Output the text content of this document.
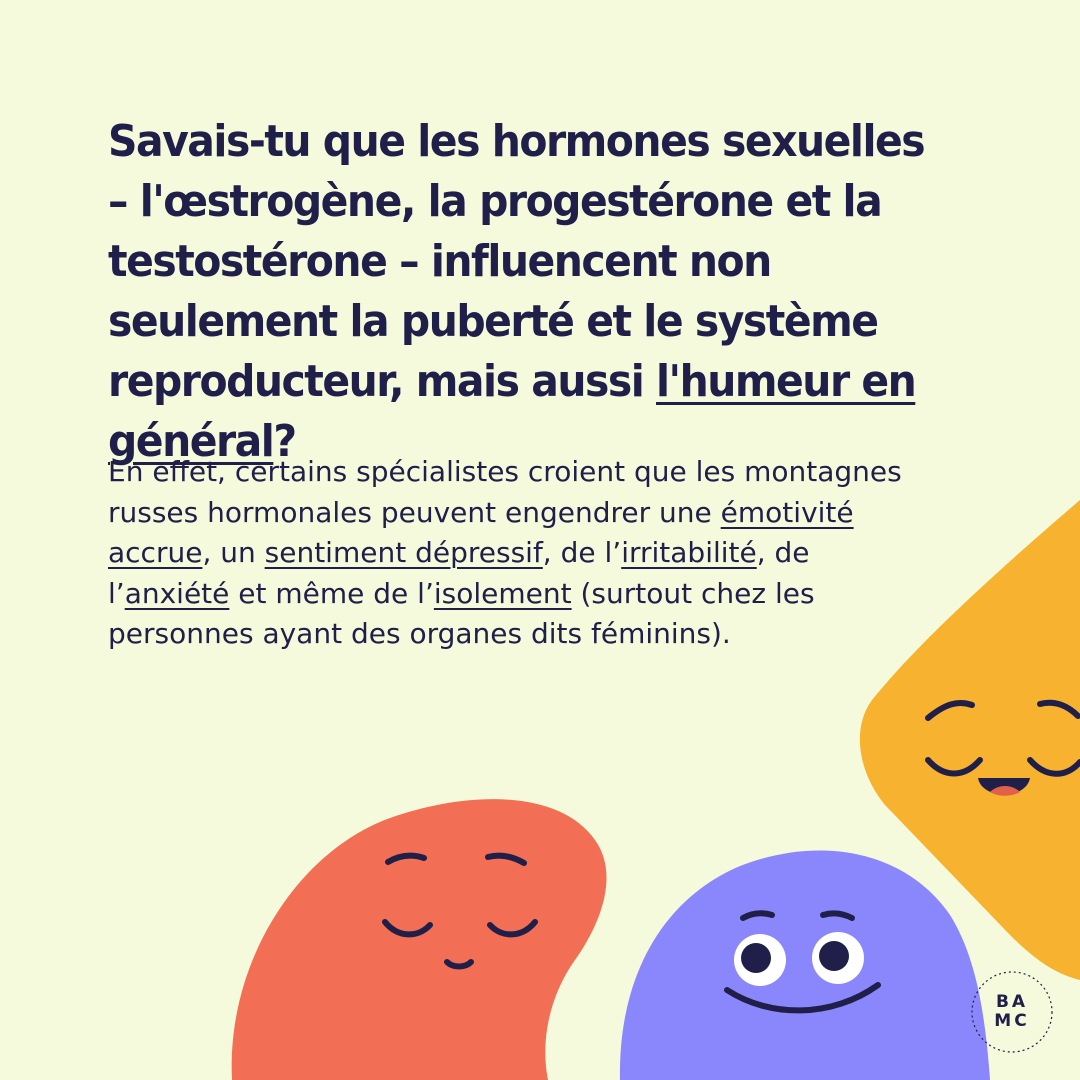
Savais-tu que les hormones sexuelles – l'œstrogène, la progestérone et la testostérone – influencent non seulement la puberté et le système reproducteur, mais aussi l'humeur en général?

En effet, certains spécialistes croient que les montagnes russes hormonales peuvent engendrer une émotivité accrue, un sentiment dépressif, de l’irritabilité, de l’anxiété et même de l’isolement (surtout chez les personnes ayant des organes dits féminins).

BA
MC
